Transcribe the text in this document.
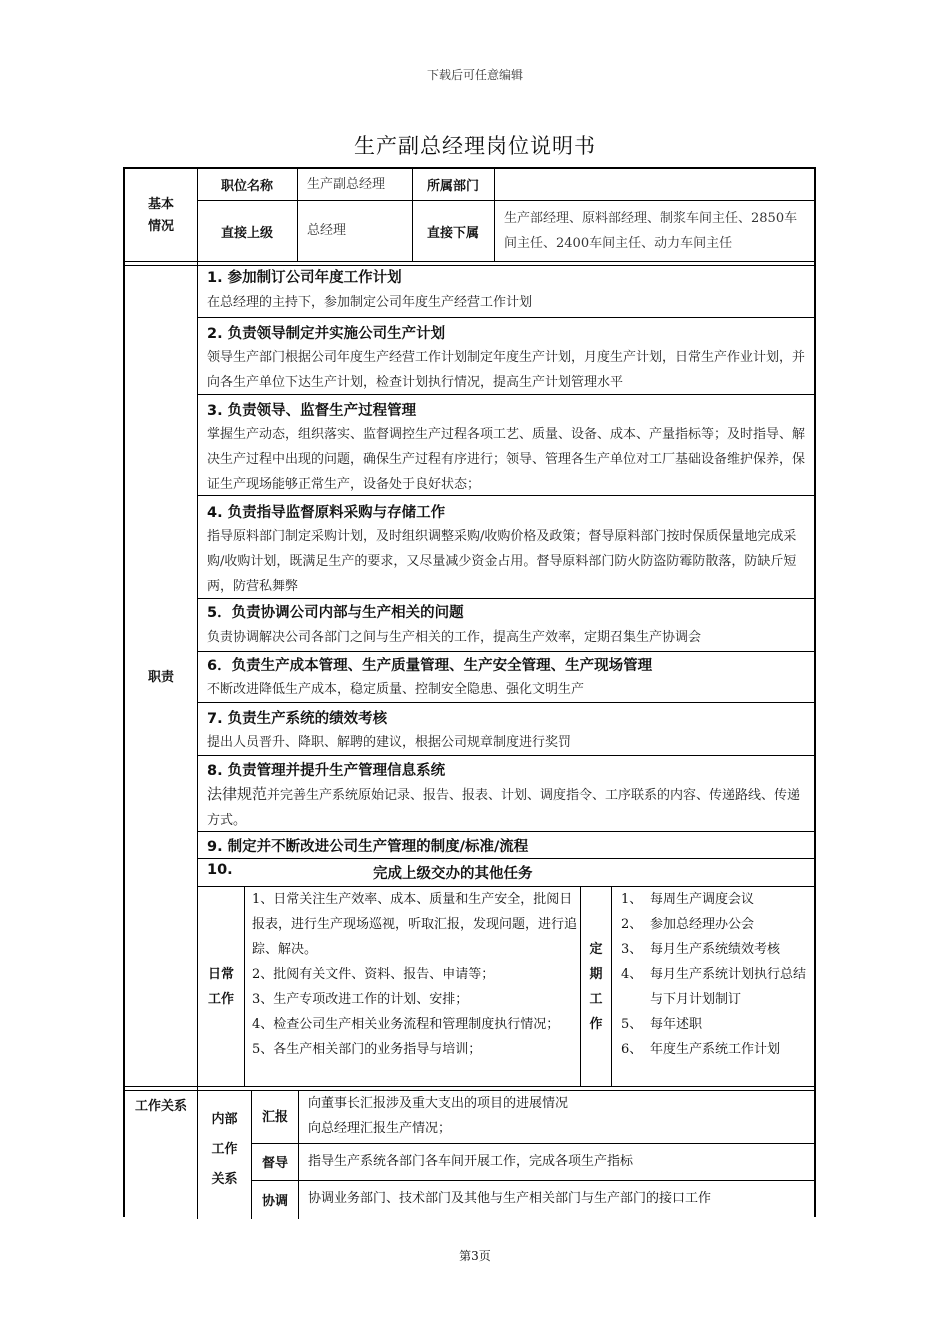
下载后可任意编辑
生产副总经理岗位说明书
基本情况
职位名称	生产副总经理	所属部门
直接上级	总经理	直接下属
生产部经理、原料部经理、制浆车间主任、2850车间主任、2400车间主任、动力车间主任
职责
1. 参加制订公司年度工作计划
在总经理的主持下，参加制定公司年度生产经营工作计划
2. 负责领导制定并实施公司生产计划
领导生产部门根据公司年度生产经营工作计划制定年度生产计划，月度生产计划，日常生产作业计划，并向各生产单位下达生产计划，检查计划执行情况，提高生产计划管理水平
3. 负责领导、监督生产过程管理
掌握生产动态，组织落实、监督调控生产过程各项工艺、质量、设备、成本、产量指标等；及时指导、解决生产过程中出现的问题，确保生产过程有序进行；领导、管理各生产单位对工厂基础设备维护保养，保证生产现场能够正常生产，设备处于良好状态；
4. 负责指导监督原料采购与存储工作
指导原料部门制定采购计划，及时组织调整采购/收购价格及政策；督导原料部门按时保质保量地完成采购/收购计划，既满足生产的要求，又尽量减少资金占用。督导原料部门防火防盗防霉防散落，防缺斤短两，防营私舞弊
5．负责协调公司内部与生产相关的问题
负责协调解决公司各部门之间与生产相关的工作，提高生产效率，定期召集生产协调会
6．负责生产成本管理、生产质量管理、生产安全管理、生产现场管理
不断改进降低生产成本，稳定质量、控制安全隐患、强化文明生产
7. 负责生产系统的绩效考核
提出人员晋升、降职、解聘的建议，根据公司规章制度进行奖罚
8. 负责管理并提升生产管理信息系统
法律规范并完善生产系统原始记录、报告、报表、计划、调度指令、工序联系的内容、传递路线、传递方式。
9. 制定并不断改进公司生产管理的制度/标准/流程
10.	完成上级交办的其他任务
日常工作
1、日常关注生产效率、成本、质量和生产安全，批阅日报表，进行生产现场巡视，听取汇报，发现问题，进行追踪、解决。
2、批阅有关文件、资料、报告、申请等；
3、生产专项改进工作的计划、安排；
4、检查公司生产相关业务流程和管理制度执行情况；
5、各生产相关部门的业务指导与培训；
定期工作
1、 每周生产调度会议
2、 参加总经理办公会
3、 每月生产系统绩效考核
4、 每月生产系统计划执行总结与下月计划制订
5、 每年述职
6、 年度生产系统工作计划
工作关系
内部工作关系
汇报
向董事长汇报涉及重大支出的项目的进展情况
向总经理汇报生产情况；
督导	指导生产系统各部门各车间开展工作，完成各项生产指标
协调	协调业务部门、技术部门及其他与生产相关部门与生产部门的接口工作
第3页
